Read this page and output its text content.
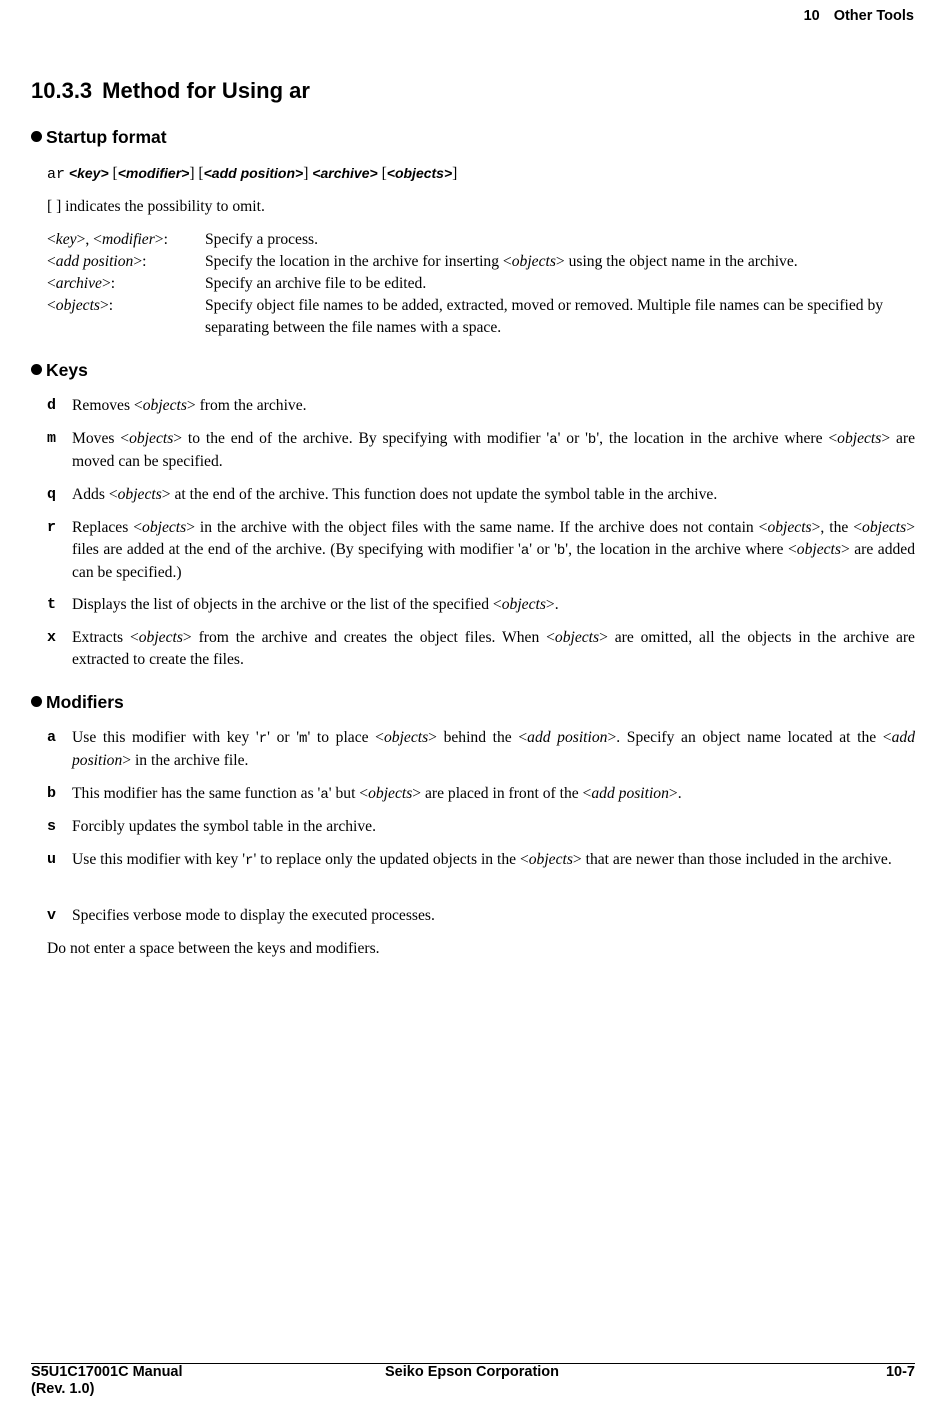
10 Other Tools
10.3.3 Method for Using ar
Startup format
ar <key> [<modifier>] [<add position>] <archive> [<objects>]
[ ] indicates the possibility to omit.
<key>, <modifier>:	Specify a process.
<add position>:	Specify the location in the archive for inserting <objects> using the object name in the archive.
<archive>:	Specify an archive file to be edited.
<objects>:	Specify object file names to be added, extracted, moved or removed. Multiple file names can be specified by separating between the file names with a space.
Keys
d Removes <objects> from the archive.
m Moves <objects> to the end of the archive. By specifying with modifier 'a' or 'b', the location in the archive where <objects> are moved can be specified.
q Adds <objects> at the end of the archive. This function does not update the symbol table in the archive.
r Replaces <objects> in the archive with the object files with the same name. If the archive does not contain <objects>, the <objects> files are added at the end of the archive. (By specifying with modifier 'a' or 'b', the location in the archive where <objects> are added can be specified.)
t Displays the list of objects in the archive or the list of the specified <objects>.
x Extracts <objects> from the archive and creates the object files. When <objects> are omitted, all the objects in the archive are extracted to create the files.
Modifiers
a Use this modifier with key 'r' or 'm' to place <objects> behind the <add position>. Specify an object name located at the <add position> in the archive file.
b This modifier has the same function as 'a' but <objects> are placed in front of the <add position>.
s Forcibly updates the symbol table in the archive.
u Use this modifier with key 'r' to replace only the updated objects in the <objects> that are newer than those included in the archive.
v Specifies verbose mode to display the executed processes.
Do not enter a space between the keys and modifiers.
S5U1C17001C Manual
(Rev. 1.0)
Seiko Epson Corporation	10-7
